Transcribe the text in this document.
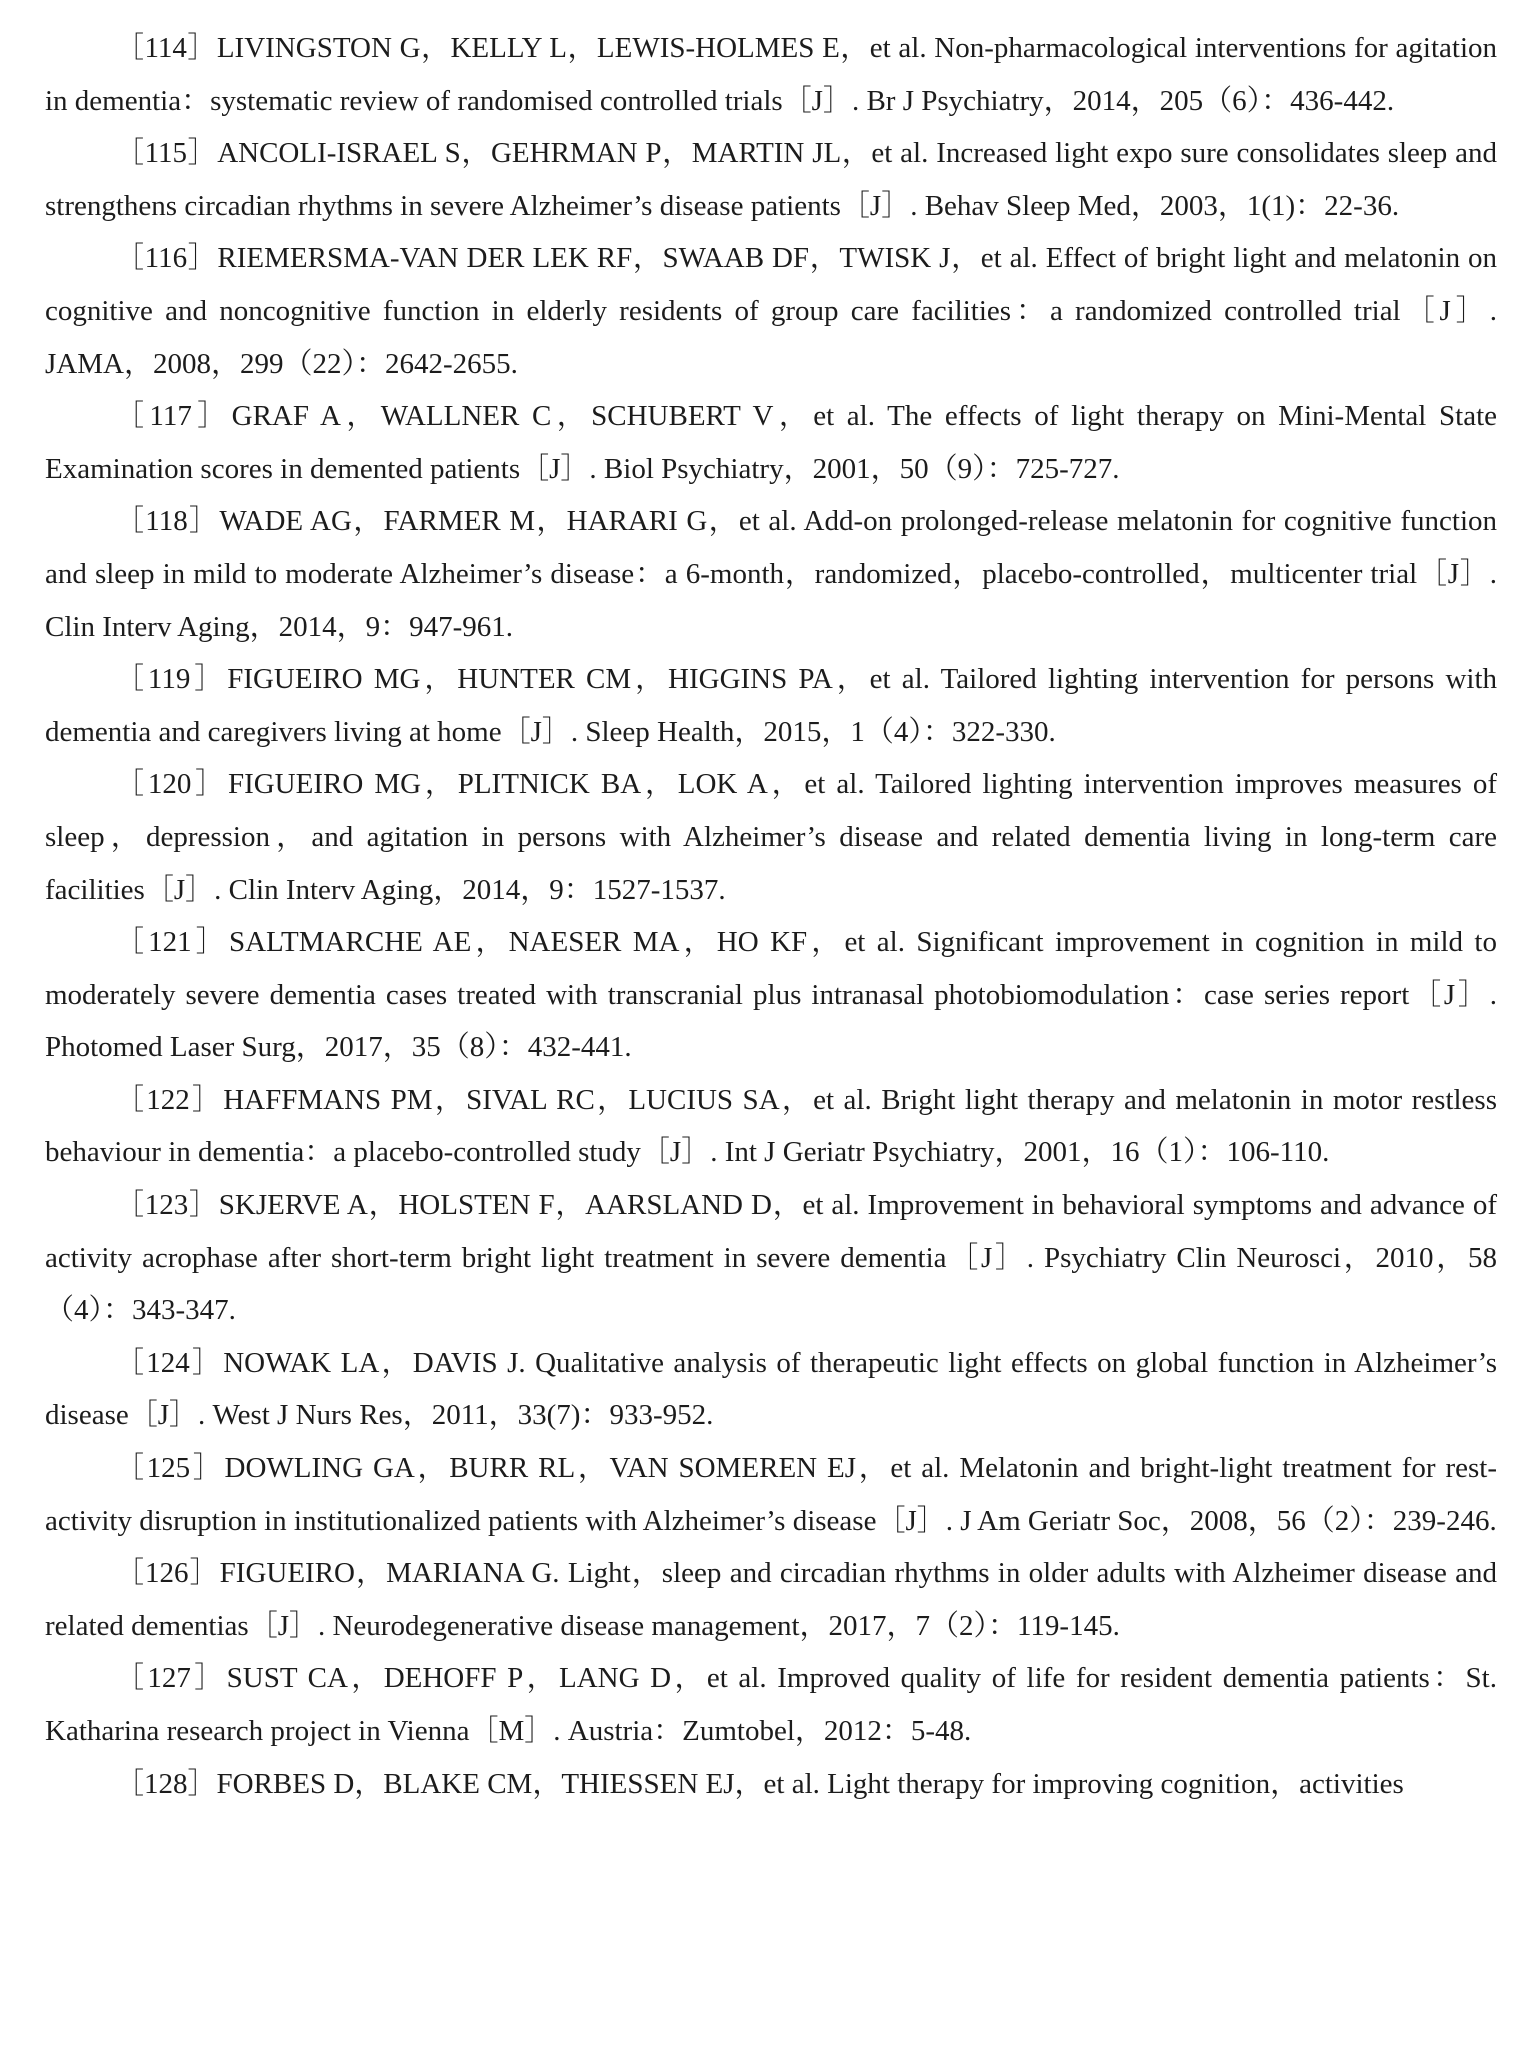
［114］LIVINGSTON G，KELLY L，LEWIS-HOLMES E，et al. Non-pharmacological interventions for agitation in dementia：systematic review of randomised controlled trials［J］. Br J Psychiatry，2014，205（6）：436-442.

［115］ANCOLI-ISRAEL S，GEHRMAN P，MARTIN JL，et al. Increased light expo sure consolidates sleep and strengthens circadian rhythms in severe Alzheimer’s disease patients［J］. Behav Sleep Med，2003，1(1)：22-36.

［116］RIEMERSMA-VAN DER LEK RF，SWAAB DF，TWISK J，et al. Effect of bright light and melatonin on cognitive and noncognitive function in elderly residents of group care facilities：a randomized controlled trial［J］. JAMA，2008，299（22）：2642-2655.

［117］GRAF A，WALLNER C，SCHUBERT V，et al. The effects of light therapy on Mini-Mental State Examination scores in demented patients［J］. Biol Psychiatry，2001，50（9）：725-727.

［118］WADE AG，FARMER M，HARARI G，et al. Add-on prolonged-release melatonin for cognitive function and sleep in mild to moderate Alzheimer’s disease：a 6-month，randomized，placebo-controlled，multicenter trial［J］. Clin Interv Aging，2014，9：947-961.

［119］FIGUEIRO MG，HUNTER CM，HIGGINS PA，et al. Tailored lighting intervention for persons with dementia and caregivers living at home［J］. Sleep Health，2015，1（4）：322-330.

［120］FIGUEIRO MG，PLITNICK BA，LOK A，et al. Tailored lighting intervention improves measures of sleep，depression，and agitation in persons with Alzheimer’s disease and related dementia living in long-term care facilities［J］. Clin Interv Aging，2014，9：1527-1537.

［121］SALTMARCHE AE，NAESER MA，HO KF，et al. Significant improvement in cognition in mild to moderately severe dementia cases treated with transcranial plus intranasal photobiomodulation：case series report［J］. Photomed Laser Surg，2017，35（8）：432-441.

［122］HAFFMANS PM，SIVAL RC，LUCIUS SA，et al. Bright light therapy and melatonin in motor restless behaviour in dementia：a placebo-controlled study［J］. Int J Geriatr Psychiatry，2001，16（1）：106-110.

［123］SKJERVE A，HOLSTEN F，AARSLAND D，et al. Improvement in behavioral symptoms and advance of activity acrophase after short-term bright light treatment in severe dementia［J］. Psychiatry Clin Neurosci，2010，58（4）：343-347.

［124］NOWAK LA，DAVIS J. Qualitative analysis of therapeutic light effects on global function in Alzheimer’s disease［J］. West J Nurs Res，2011，33(7)：933-952.

［125］DOWLING GA，BURR RL，VAN SOMEREN EJ，et al. Melatonin and bright-light treatment for rest-activity disruption in institutionalized patients with Alzheimer’s disease［J］. J Am Geriatr Soc，2008，56（2）：239-246.

［126］FIGUEIRO，MARIANA G. Light，sleep and circadian rhythms in older adults with Alzheimer disease and related dementias［J］. Neurodegenerative disease management，2017，7（2）：119-145.

［127］SUST CA，DEHOFF P，LANG D，et al. Improved quality of life for resident dementia patients：St. Katharina research project in Vienna［M］. Austria：Zumtobel，2012：5-48.

［128］FORBES D，BLAKE CM，THIESSEN EJ，et al. Light therapy for improving cognition，activities
